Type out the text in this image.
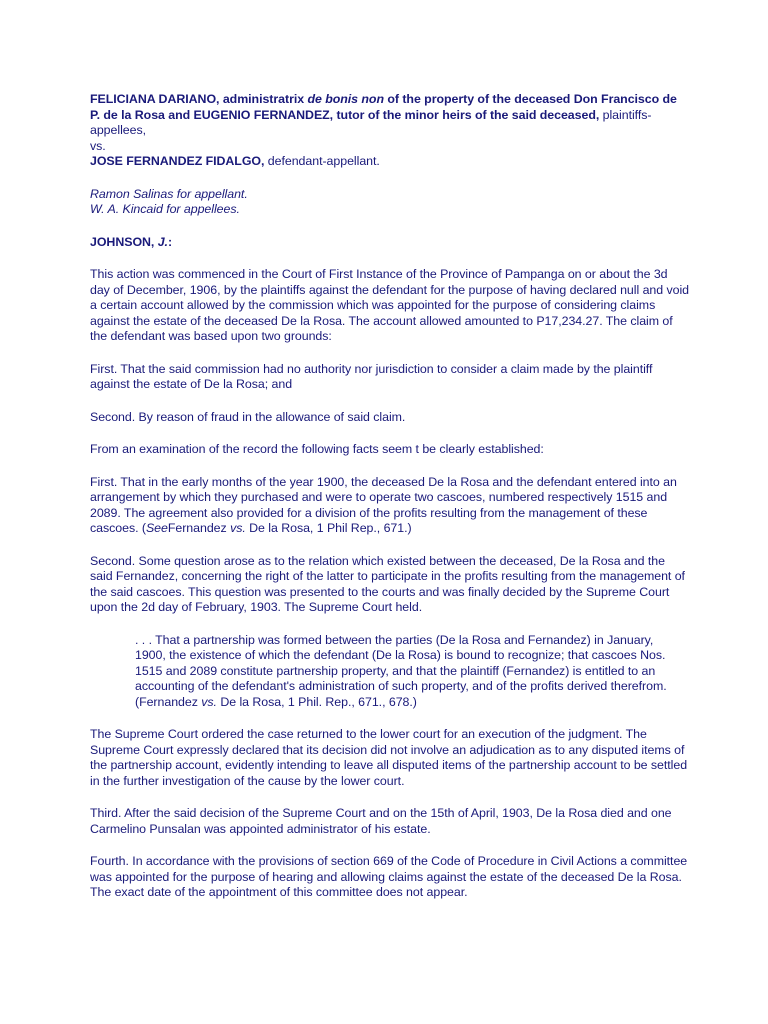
FELICIANA DARIANO, administratrix de bonis non of the property of the deceased Don Francisco de P. de la Rosa and EUGENIO FERNANDEZ, tutor of the minor heirs of the said deceased, plaintiffs-appellees,
vs.
JOSE FERNANDEZ FIDALGO, defendant-appellant.

Ramon Salinas for appellant.
W. A. Kincaid for appellees.

JOHNSON, J.:

This action was commenced in the Court of First Instance of the Province of Pampanga on or about the 3d day of December, 1906, by the plaintiffs against the defendant for the purpose of having declared null and void a certain account allowed by the commission which was appointed for the purpose of considering claims against the estate of the deceased De la Rosa. The account allowed amounted to P17,234.27. The claim of the defendant was based upon two grounds:

First. That the said commission had no authority nor jurisdiction to consider a claim made by the plaintiff against the estate of De la Rosa; and

Second. By reason of fraud in the allowance of said claim.

From an examination of the record the following facts seem t be clearly established:

First. That in the early months of the year 1900, the deceased De la Rosa and the defendant entered into an arrangement by which they purchased and were to operate two cascoes, numbered respectively 1515 and 2089. The agreement also provided for a division of the profits resulting from the management of these cascoes. (SeeFernandez vs. De la Rosa, 1 Phil Rep., 671.)

Second. Some question arose as to the relation which existed between the deceased, De la Rosa and the said Fernandez, concerning the right of the latter to participate in the profits resulting from the management of the said cascoes. This question was presented to the courts and was finally decided by the Supreme Court upon the 2d day of February, 1903. The Supreme Court held.

. . . That a partnership was formed between the parties (De la Rosa and Fernandez) in January, 1900, the existence of which the defendant (De la Rosa) is bound to recognize; that cascoes Nos. 1515 and 2089 constitute partnership property, and that the plaintiff (Fernandez) is entitled to an accounting of the defendant's administration of such property, and of the profits derived therefrom. (Fernandez vs. De la Rosa, 1 Phil. Rep., 671., 678.)

The Supreme Court ordered the case returned to the lower court for an execution of the judgment. The Supreme Court expressly declared that its decision did not involve an adjudication as to any disputed items of the partnership account, evidently intending to leave all disputed items of the partnership account to be settled in the further investigation of the cause by the lower court.

Third. After the said decision of the Supreme Court and on the 15th of April, 1903, De la Rosa died and one Carmelino Punsalan was appointed administrator of his estate.

Fourth. In accordance with the provisions of section 669 of the Code of Procedure in Civil Actions a committee was appointed for the purpose of hearing and allowing claims against the estate of the deceased De la Rosa. The exact date of the appointment of this committee does not appear.
